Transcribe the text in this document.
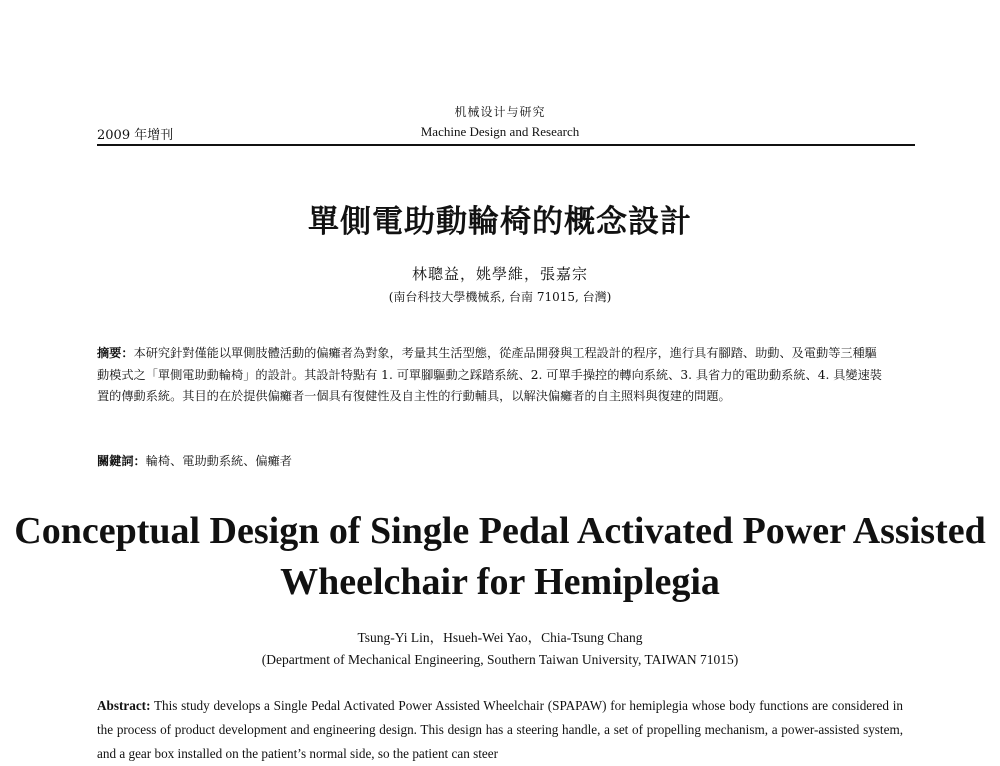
机械设计与研究
2009 年增刊	Machine Design and Research
單側電助動輪椅的概念設計
林聰益，姚學維，張嘉宗
(南台科技大學機械系, 台南 71015, 台灣)
摘要：本研究針對僅能以單側肢體活動的偏癱者為對象，考量其生活型態，從產品開發與工程設計的程序，進行具有腳踏、助動、及電動等三種驅動模式之「單側電助動輪椅」的設計。其設計特點有 1. 可單腳驅動之踩踏系統、2. 可單手操控的轉向系統、3. 具省力的電助動系統、4. 具變速裝置的傳動系統。其目的在於提供偏癱者一個具有復健性及自主性的行動輔具，以解決偏癱者的自主照料與復建的問題。
關鍵詞：輪椅、電助動系統、偏癱者
Conceptual Design of Single Pedal Activated Power Assisted Wheelchair for Hemiplegia
Tsung-Yi Lin，Hsueh-Wei Yao，Chia-Tsung Chang
(Department of Mechanical Engineering, Southern Taiwan University, TAIWAN 71015)
Abstract: This study develops a Single Pedal Activated Power Assisted Wheelchair (SPAPAW) for hemiplegia whose body functions are considered in the process of product development and engineering design. This design has a steering handle, a set of propelling mechanism, a power-assisted system, and a gear box installed on the patient’s normal side, so the patient can steer
